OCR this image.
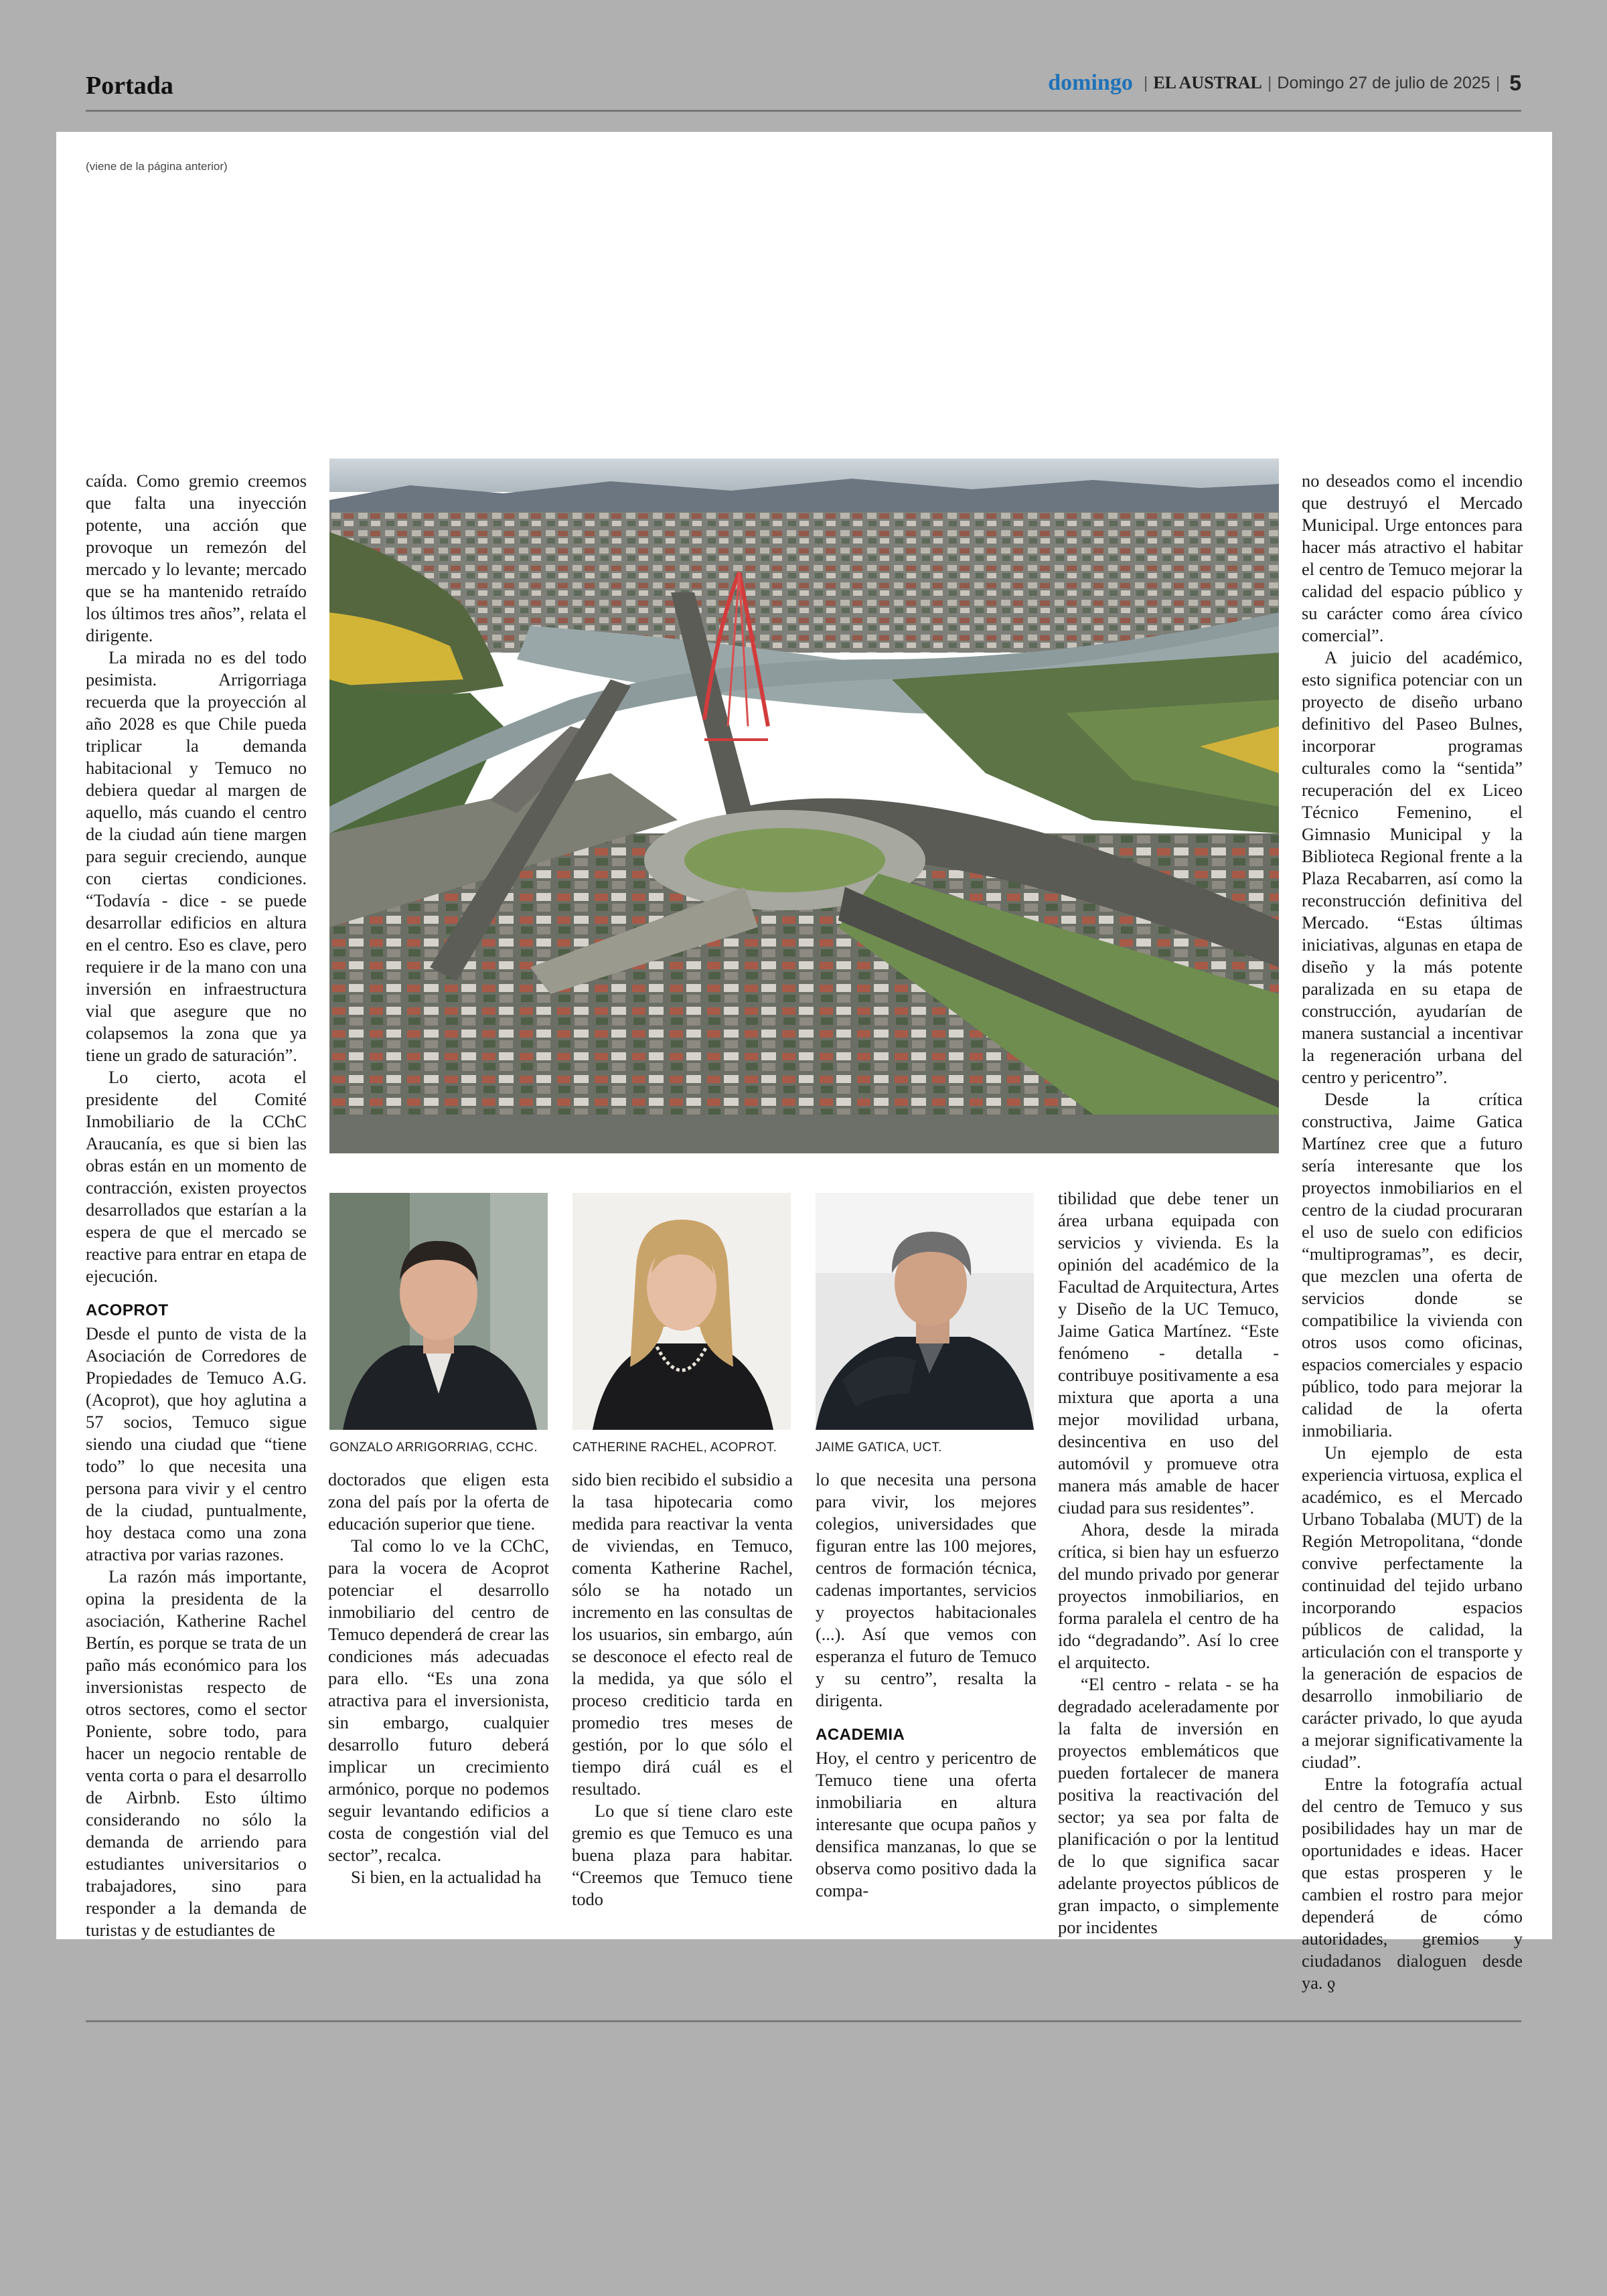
Portada	domingo | EL AUSTRAL | Domingo 27 de julio de 2025 | 5
(viene de la página anterior)

caída. Como gremio creemos que falta una inyección potente, una acción que provoque un remezón del mercado y lo levante; mercado que se ha mantenido retraído los últimos tres años”, relata el dirigente.

La mirada no es del todo pesimista. Arrigorriaga recuerda que la proyección al año 2028 es que Chile pueda triplicar la demanda habitacional y Temuco no debiera quedar al margen de aquello, más cuando el centro de la ciudad aún tiene margen para seguir creciendo, aunque con ciertas condiciones. “Todavía - dice - se puede desarrollar edificios en altura en el centro. Eso es clave, pero requiere ir de la mano con una inversión en infraestructura vial que asegure que no colapsemos la zona que ya tiene un grado de saturación”.

Lo cierto, acota el presidente del Comité Inmobiliario de la CChC Araucanía, es que si bien las obras están en un momento de contracción, existen proyectos desarrollados que estarían a la espera de que el mercado se reactive para entrar en etapa de ejecución.

ACOPROT

Desde el punto de vista de la Asociación de Corredores de Propiedades de Temuco A.G. (Acoprot), que hoy aglutina a 57 socios, Temuco sigue siendo una ciudad que “tiene todo” lo que necesita una persona para vivir y el centro de la ciudad, puntualmente, hoy destaca como una zona atractiva por varias razones.

La razón más importante, opina la presidenta de la asociación, Katherine Rachel Bertín, es porque se trata de un paño más económico para los inversionistas respecto de otros sectores, como el sector Poniente, sobre todo, para hacer un negocio rentable de venta corta o para el desarrollo de Airbnb. Esto último considerando no sólo la demanda de arriendo para estudiantes universitarios o trabajadores, sino para responder a la demanda de turistas y de estudiantes de

GONZALO ARRIGORRIAG, CCHC.	CATHERINE RACHEL, ACOPROT.	JAIME GATICA, UCT.

doctorados que eligen esta zona del país por la oferta de educación superior que tiene.

Tal como lo ve la CChC, para la vocera de Acoprot potenciar el desarrollo inmobiliario del centro de Temuco dependerá de crear las condiciones más adecuadas para ello. “Es una zona atractiva para el inversionista, sin embargo, cualquier desarrollo futuro deberá implicar un crecimiento armónico, porque no podemos seguir levantando edificios a costa de congestión vial del sector”, recalca.

Si bien, en la actualidad ha

sido bien recibido el subsidio a la tasa hipotecaria como medida para reactivar la venta de viviendas, en Temuco, comenta Katherine Rachel, sólo se ha notado un incremento en las consultas de los usuarios, sin embargo, aún se desconoce el efecto real de la medida, ya que sólo el proceso crediticio tarda en promedio tres meses de gestión, por lo que sólo el tiempo dirá cuál es el resultado.

Lo que sí tiene claro este gremio es que Temuco es una buena plaza para habitar. “Creemos que Temuco tiene todo

lo que necesita una persona para vivir, los mejores colegios, universidades que figuran entre las 100 mejores, centros de formación técnica, cadenas importantes, servicios y proyectos habitacionales (...). Así que vemos con esperanza el futuro de Temuco y su centro”, resalta la dirigenta.

ACADEMIA

Hoy, el centro y pericentro de Temuco tiene una oferta inmobiliaria en altura interesante que ocupa paños y densifica manzanas, lo que se observa como positivo dada la compa-

tibilidad que debe tener un área urbana equipada con servicios y vivienda. Es la opinión del académico de la Facultad de Arquitectura, Artes y Diseño de la UC Temuco, Jaime Gatica Martínez. “Este fenómeno - detalla - contribuye positivamente a esa mixtura que aporta a una mejor movilidad urbana, desincentiva en uso del automóvil y promueve otra manera más amable de hacer ciudad para sus residentes”.

Ahora, desde la mirada crítica, si bien hay un esfuerzo del mundo privado por generar proyectos inmobiliarios, en forma paralela el centro de ha ido “degradando”. Así lo cree el arquitecto.

“El centro - relata - se ha degradado aceleradamente por la falta de inversión en proyectos emblemáticos que pueden fortalecer de manera positiva la reactivación del sector; ya sea por falta de planificación o por la lentitud de lo que significa sacar adelante proyectos públicos de gran impacto, o simplemente por incidentes

no deseados como el incendio que destruyó el Mercado Municipal. Urge entonces para hacer más atractivo el habitar el centro de Temuco mejorar la calidad del espacio público y su carácter como área cívico comercial”.

A juicio del académico, esto significa potenciar con un proyecto de diseño urbano definitivo del Paseo Bulnes, incorporar programas culturales como la “sentida” recuperación del ex Liceo Técnico Femenino, el Gimnasio Municipal y la Biblioteca Regional frente a la Plaza Recabarren, así como la reconstrucción definitiva del Mercado. “Estas últimas iniciativas, algunas en etapa de diseño y la más potente paralizada en su etapa de construcción, ayudarían de manera sustancial a incentivar la regeneración urbana del centro y pericentro”.

Desde la crítica constructiva, Jaime Gatica Martínez cree que a futuro sería interesante que los proyectos inmobiliarios en el centro de la ciudad procuraran el uso de suelo con edificios “multiprogramas”, es decir, que mezclen una oferta de servicios donde se compatibilice la vivienda con otros usos como oficinas, espacios comerciales y espacio público, todo para mejorar la calidad de la oferta inmobiliaria.

Un ejemplo de esta experiencia virtuosa, explica el académico, es el Mercado Urbano Tobalaba (MUT) de la Región Metropolitana, “donde convive perfectamente la continuidad del tejido urbano incorporando espacios públicos de calidad, la articulación con el transporte y la generación de espacios de desarrollo inmobiliario de carácter privado, lo que ayuda a mejorar significativamente la ciudad”.

Entre la fotografía actual del centro de Temuco y sus posibilidades hay un mar de oportunidades e ideas. Hacer que estas prosperen y le cambien el rostro para mejor dependerá de cómo autoridades, gremios y ciudadanos dialoguen desde ya. ƍ
